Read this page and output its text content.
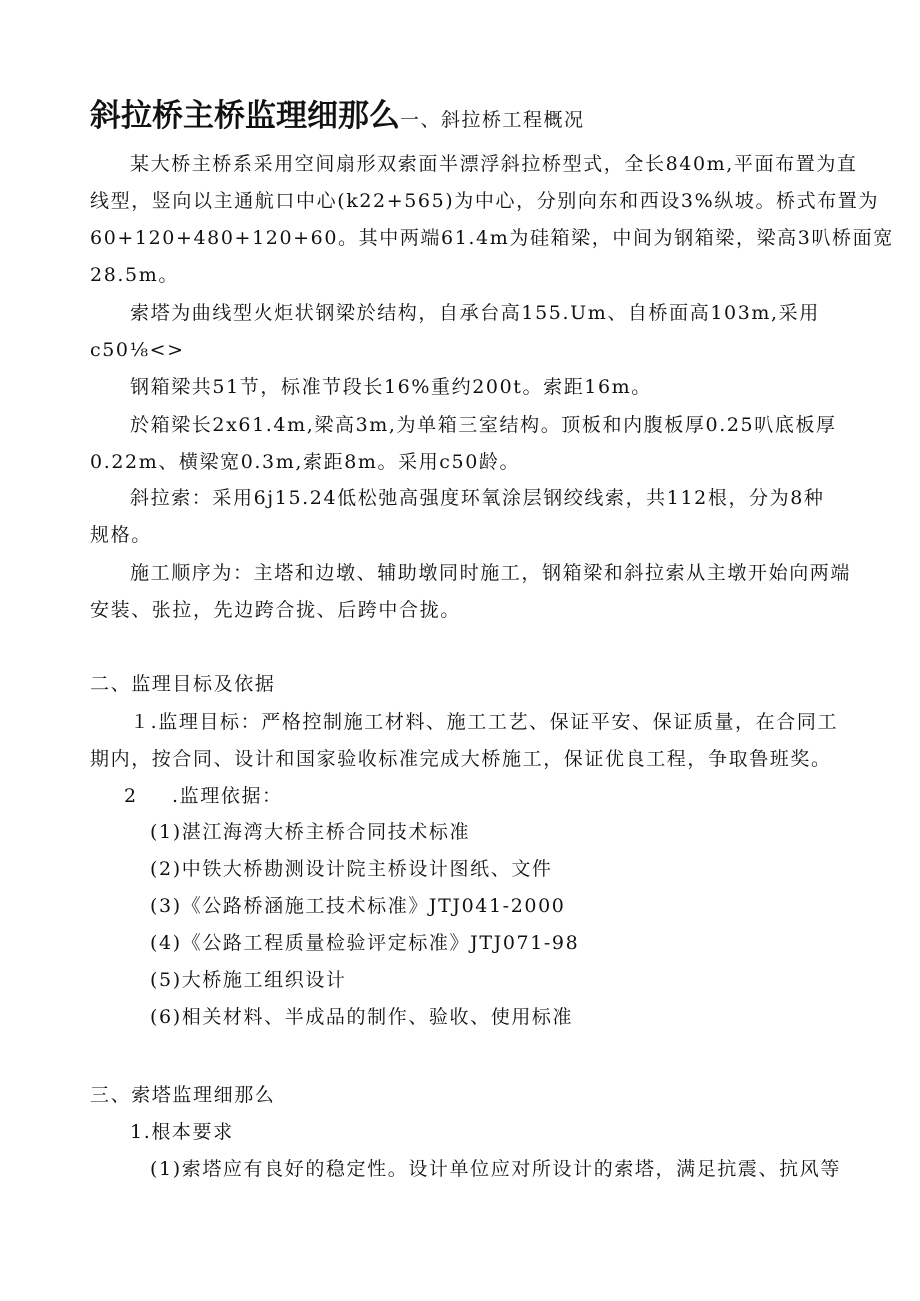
斜拉桥主桥监理细那么一、斜拉桥工程概况
某大桥主桥系采用空间扇形双索面半漂浮斜拉桥型式，全长840m,平面布置为直
线型，竖向以主通航口中心(k22+565)为中心，分别向东和西设3%纵坡。桥式布置为
60+120+480+120+60。其中两端61.4m为硅箱梁，中间为钢箱梁，梁高3叭桥面宽
28.5m。
索塔为曲线型火炬状钢梁於结构，自承台高155.Um、自桥面高103m,采用
c50⅛<>
钢箱梁共51节，标准节段长16%重约200t。索距16m。
於箱梁长2x61.4m,梁高3m,为单箱三室结构。顶板和内腹板厚0.25叭底板厚
0.22m、横梁宽0.3m,索距8m。采用c50龄。
斜拉索：采用6j15.24低松弛高强度环氧涂层钢绞线索，共112根，分为8种
规格。
施工顺序为：主塔和边墩、辅助墩同时施工，钢箱梁和斜拉索从主墩开始向两端
安装、张拉，先边跨合拢、后跨中合拢。
二、监理目标及依据
１.监理目标：严格控制施工材料、施工工艺、保证平安、保证质量，在合同工
期内，按合同、设计和国家验收标准完成大桥施工，保证优良工程，争取鲁班奖。
2 .监理依据：
(1)湛江海湾大桥主桥合同技术标准
(2)中铁大桥勘测设计院主桥设计图纸、文件
(3)《公路桥涵施工技术标准》JTJ041-2000
(4)《公路工程质量检验评定标准》JTJ071-98
(5)大桥施工组织设计
(6)相关材料、半成品的制作、验收、使用标准
三、索塔监理细那么
1.根本要求
(1)索塔应有良好的稳定性。设计单位应对所设计的索塔，满足抗震、抗风等
